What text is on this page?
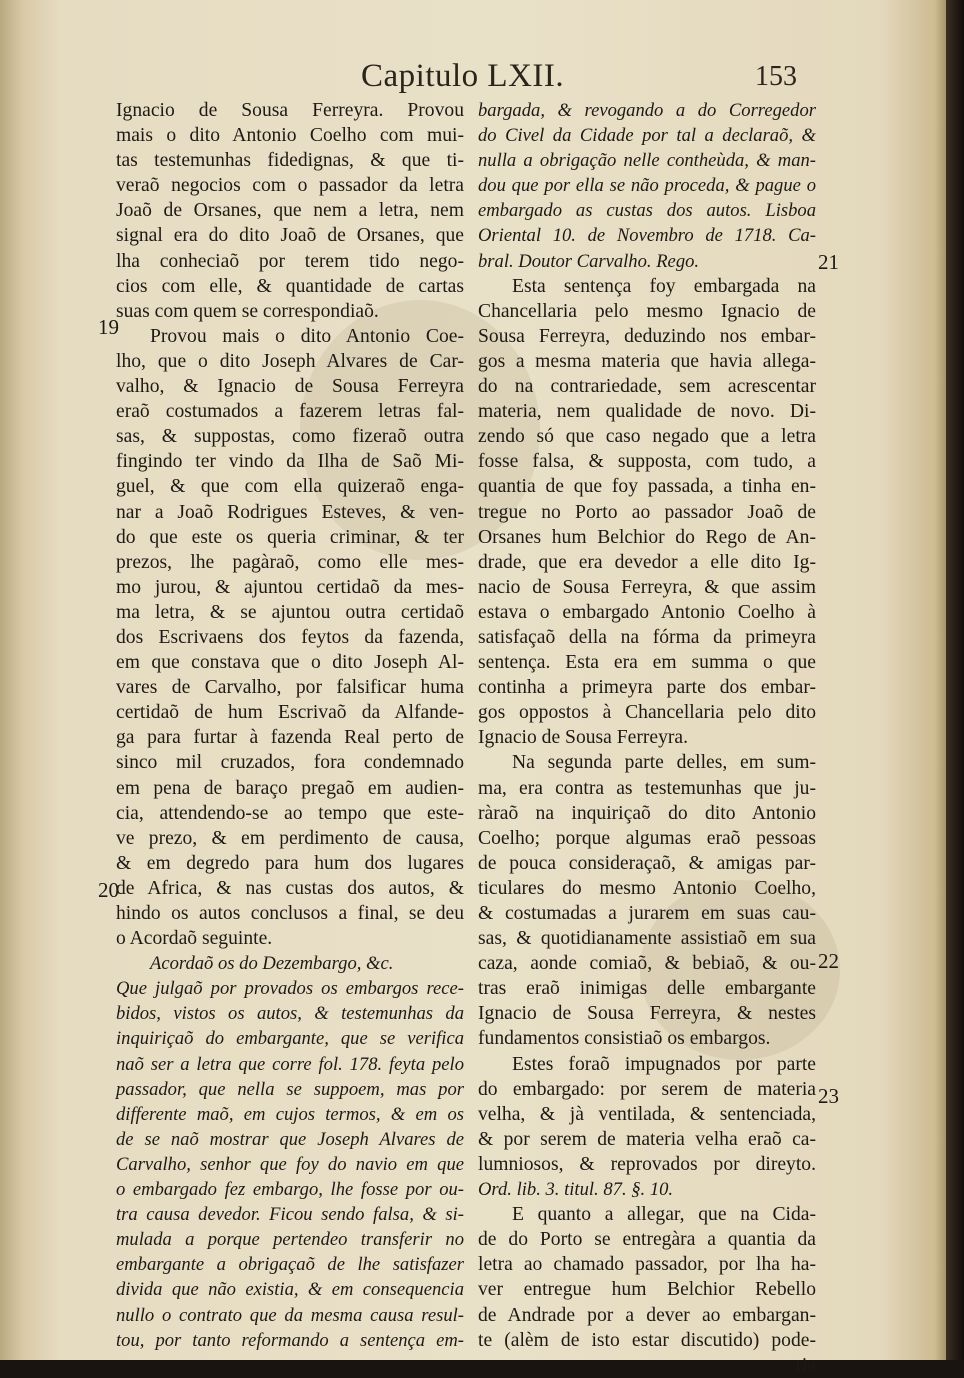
Capitulo LXII.	153
Ignacio de Sousa Ferreyra. Provou
mais o dito Antonio Coelho com mui-
tas testemunhas fidedignas, & que ti-
veraõ negocios com o passador da letra
Joaõ de Orsanes, que nem a letra, nem
signal era do dito Joaõ de Orsanes, que
lha conheciaõ por terem tido nego-
cios com elle, & quantidade de cartas
suas com quem se correspondiaõ.
Provou mais o dito Antonio Coe-
lho, que o dito Joseph Alvares de Car-
valho, & Ignacio de Sousa Ferreyra
eraõ costumados a fazerem letras fal-
sas, & suppostas, como fizeraõ outra
fingindo ter vindo da Ilha de Saõ Mi-
guel, & que com ella quizeraõ enga-
nar a Joaõ Rodrigues Esteves, & ven-
do que este os queria criminar, & ter
prezos, lhe pagàraõ, como elle mes-
mo jurou, & ajuntou certidaõ da mes-
ma letra, & se ajuntou outra certidaõ
dos Escrivaens dos feytos da fazenda,
em que constava que o dito Joseph Al-
vares de Carvalho, por falsificar huma
certidaõ de hum Escrivaõ da Alfande-
ga para furtar à fazenda Real perto de
sinco mil cruzados, fora condemnado
em pena de baraço pregaõ em audien-
cia, attendendo-se ao tempo que este-
ve prezo, & em perdimento de causa,
& em degredo para hum dos lugares
de Africa, & nas custas dos autos, &
hindo os autos conclusos a final, se deu
o Acordaõ seguinte.
Acordaõ os do Dezembargo, &c.
Que julgaõ por provados os embargos rece-
bidos, vistos os autos, & testemunhas da
inquiriçaõ do embargante, que se verifica
naõ ser a letra que corre fol. 178. feyta pelo
passador, que nella se suppoem, mas por
differente maõ, em cujos termos, & em os
de se naõ mostrar que Joseph Alvares de
Carvalho, senhor que foy do navio em que
o embargado fez embargo, lhe fosse por ou-
tra causa devedor. Ficou sendo falsa, & si-
mulada a porque pertendeo transferir no
embargante a obrigaçaõ de lhe satisfazer
divida que não existia, & em consequencia
nullo o contrato que da mesma causa resul-
tou, por tanto reformando a sentença em-
bargada, & revogando a do Corregedor
do Civel da Cidade por tal a declaraõ, &
nulla a obrigação nelle contheùda, & man-
dou que por ella se não proceda, & pague o
embargado as custas dos autos. Lisboa
Oriental 10. de Novembro de 1718. Ca-
bral. Doutor Carvalho. Rego.
Esta sentença foy embargada na
Chancellaria pelo mesmo Ignacio de
Sousa Ferreyra, deduzindo nos embar-
gos a mesma materia que havia allega-
do na contrariedade, sem acrescentar
materia, nem qualidade de novo. Di-
zendo só que caso negado que a letra
fosse falsa, & supposta, com tudo, a
quantia de que foy passada, a tinha en-
tregue no Porto ao passador Joaõ de
Orsanes hum Belchior do Rego de An-
drade, que era devedor a elle dito Ig-
nacio de Sousa Ferreyra, & que assim
estava o embargado Antonio Coelho à
satisfaçaõ della na fórma da primeyra
sentença. Esta era em summa o que
continha a primeyra parte dos embar-
gos oppostos à Chancellaria pelo dito
Ignacio de Sousa Ferreyra.
Na segunda parte delles, em sum-
ma, era contra as testemunhas que ju-
ràraõ na inquiriçaõ do dito Antonio
Coelho; porque algumas eraõ pessoas
de pouca consideraçaõ, & amigas par-
ticulares do mesmo Antonio Coelho,
& costumadas a jurarem em suas cau-
sas, & quotidianamente assistiaõ em sua
caza, aonde comiaõ, & bebiaõ, & ou-
tras eraõ inimigas delle embargante
Ignacio de Sousa Ferreyra, & nestes
fundamentos consistiaõ os embargos.
Estes foraõ impugnados por parte
do embargado: por serem de materia
velha, & jà ventilada, & sentenciada,
& por serem de materia velha eraõ ca-
lumniosos, & reprovados por direyto.
Ord. lib. 3. titul. 87. §. 10.
E quanto a allegar, que na Cida-
de do Porto se entregàra a quantia da
letra ao chamado passador, por lha ha-
ver entregue hum Belchior Rebello
de Andrade por a dever ao embargan-
te (alèm de isto estar discutido) pode-
ria
19
20
21
22
23
